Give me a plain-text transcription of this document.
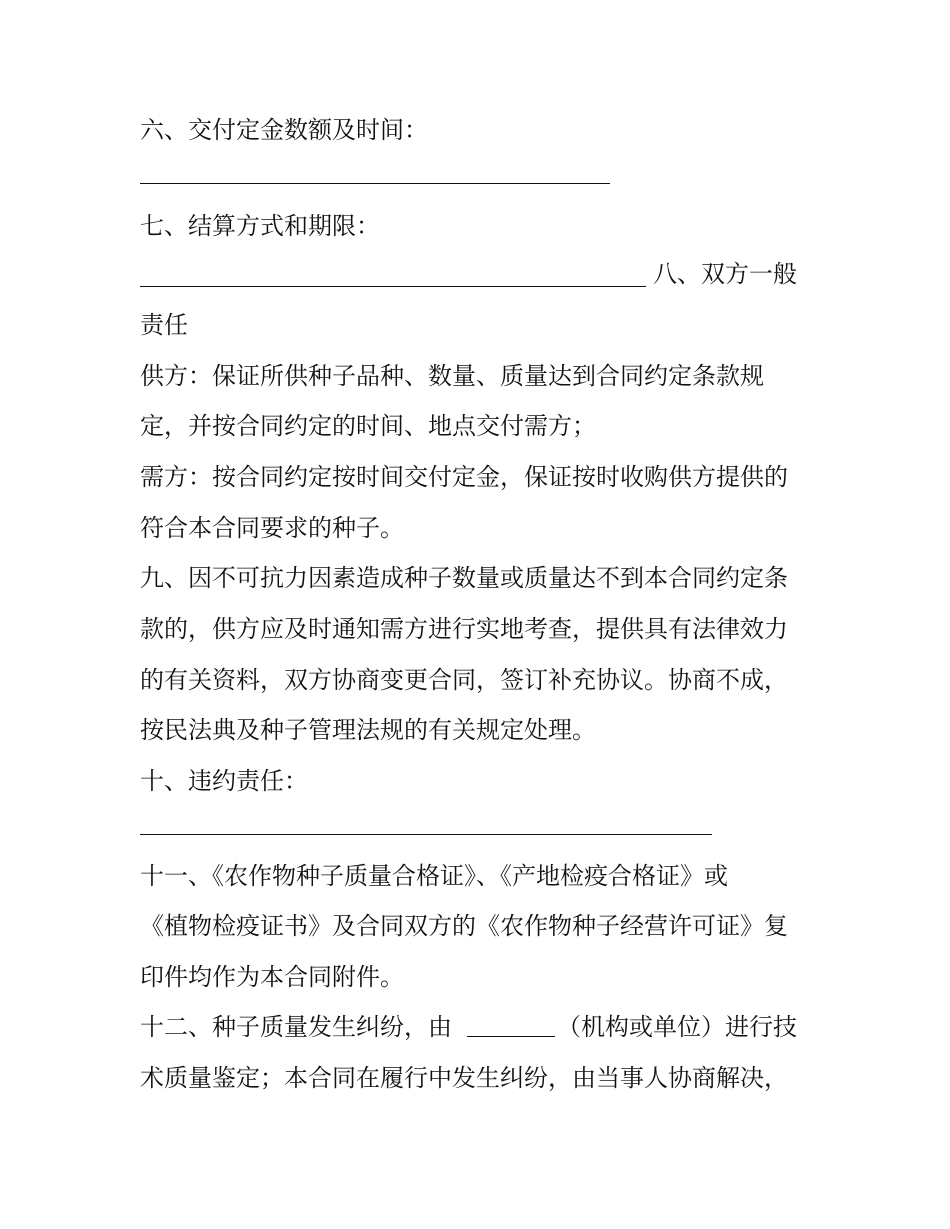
六、交付定金数额及时间：
七、结算方式和期限：
八、双方一般
责任
供方：保证所供种子品种、数量、质量达到合同约定条款规
定，并按合同约定的时间、地点交付需方；
需方：按合同约定按时间交付定金，保证按时收购供方提供的
符合本合同要求的种子。
九、因不可抗力因素造成种子数量或质量达不到本合同约定条
款的，供方应及时通知需方进行实地考查，提供具有法律效力
的有关资料，双方协商变更合同，签订补充协议。协商不成，
按民法典及种子管理法规的有关规定处理。
十、违约责任：
十一、《农作物种子质量合格证》、《产地检疫合格证》或
《植物检疫证书》及合同双方的《农作物种子经营许可证》复
印件均作为本合同附件。
十二、种子质量发生纠纷，由	（机构或单位）进行技
术质量鉴定；本合同在履行中发生纠纷，由当事人协商解决，
